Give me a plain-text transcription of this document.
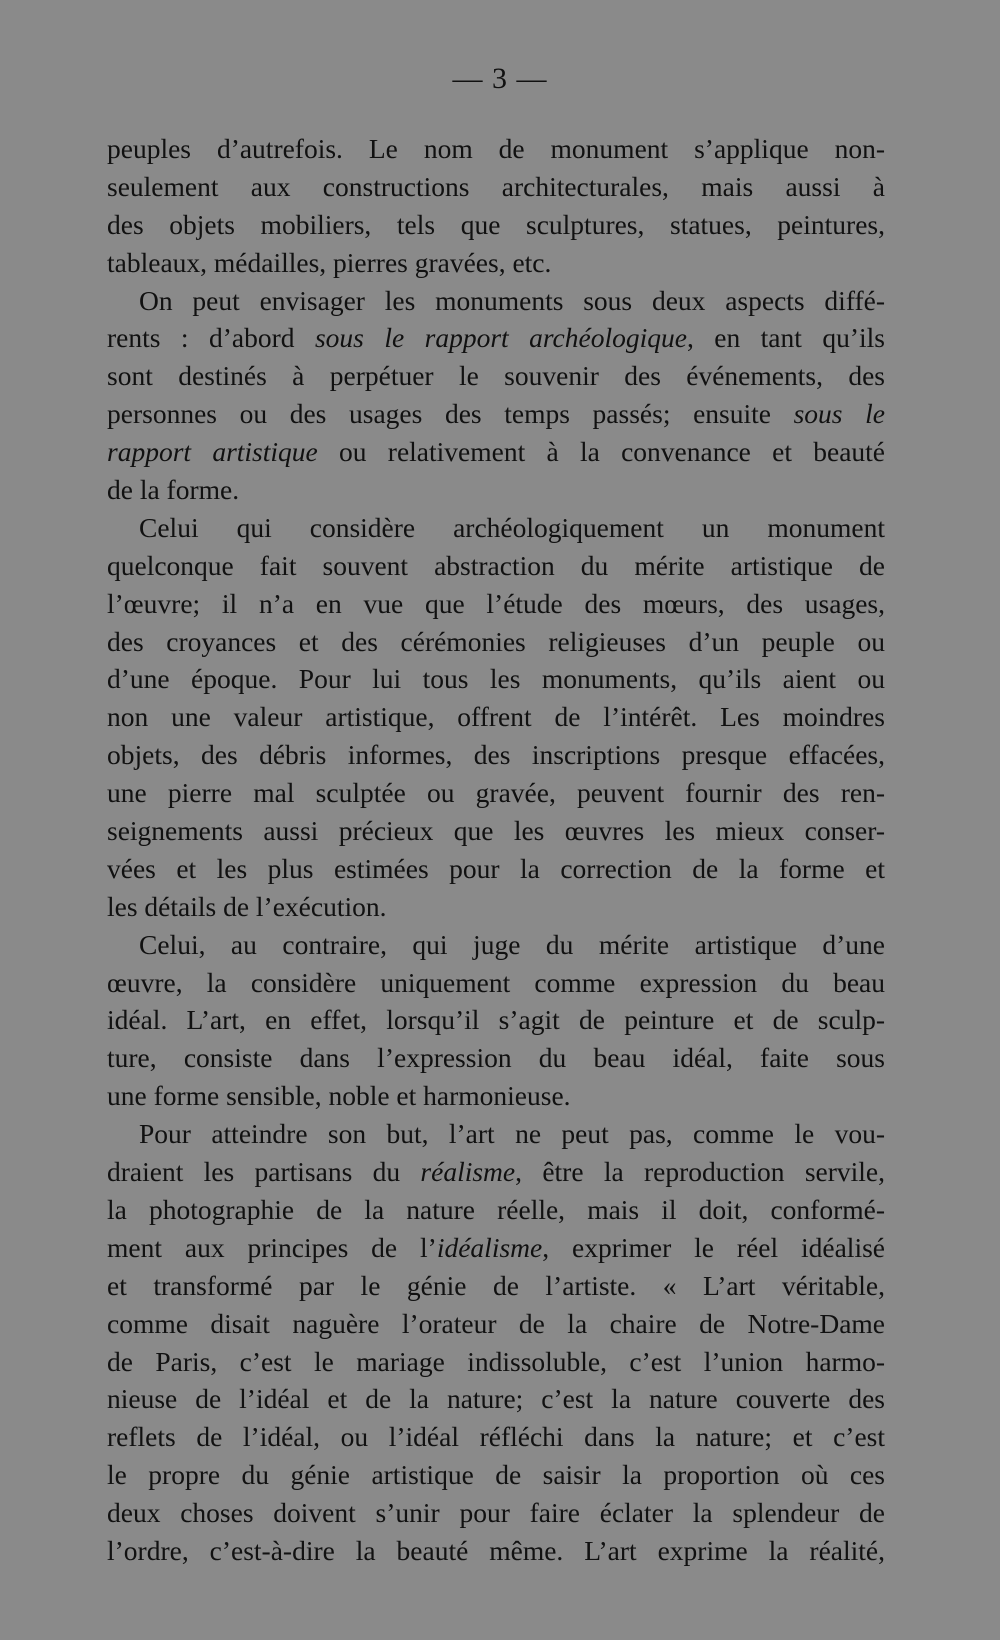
— 3 —
peuples d’autrefois. Le nom de monument s’applique non-
seulement aux constructions architecturales, mais aussi à
des objets mobiliers, tels que sculptures, statues, peintures,
tableaux, médailles, pierres gravées, etc.
On peut envisager les monuments sous deux aspects diffé-
rents : d’abord sous le rapport archéologique, en tant qu’ils
sont destinés à perpétuer le souvenir des événements, des
personnes ou des usages des temps passés; ensuite sous le
rapport artistique ou relativement à la convenance et beauté
de la forme.
Celui qui considère archéologiquement un monument
quelconque fait souvent abstraction du mérite artistique de
l’œuvre; il n’a en vue que l’étude des mœurs, des usages,
des croyances et des cérémonies religieuses d’un peuple ou
d’une époque. Pour lui tous les monuments, qu’ils aient ou
non une valeur artistique, offrent de l’intérêt. Les moindres
objets, des débris informes, des inscriptions presque effacées,
une pierre mal sculptée ou gravée, peuvent fournir des ren-
seignements aussi précieux que les œuvres les mieux conser-
vées et les plus estimées pour la correction de la forme et
les détails de l’exécution.
Celui, au contraire, qui juge du mérite artistique d’une
œuvre, la considère uniquement comme expression du beau
idéal. L’art, en effet, lorsqu’il s’agit de peinture et de sculp-
ture, consiste dans l’expression du beau idéal, faite sous
une forme sensible, noble et harmonieuse.
Pour atteindre son but, l’art ne peut pas, comme le vou-
draient les partisans du réalisme, être la reproduction servile,
la photographie de la nature réelle, mais il doit, conformé-
ment aux principes de l’idéalisme, exprimer le réel idéalisé
et transformé par le génie de l’artiste. « L’art véritable,
comme disait naguère l’orateur de la chaire de Notre-Dame
de Paris, c’est le mariage indissoluble, c’est l’union harmo-
nieuse de l’idéal et de la nature; c’est la nature couverte des
reflets de l’idéal, ou l’idéal réfléchi dans la nature; et c’est
le propre du génie artistique de saisir la proportion où ces
deux choses doivent s’unir pour faire éclater la splendeur de
l’ordre, c’est-à-dire la beauté même. L’art exprime la réalité,
